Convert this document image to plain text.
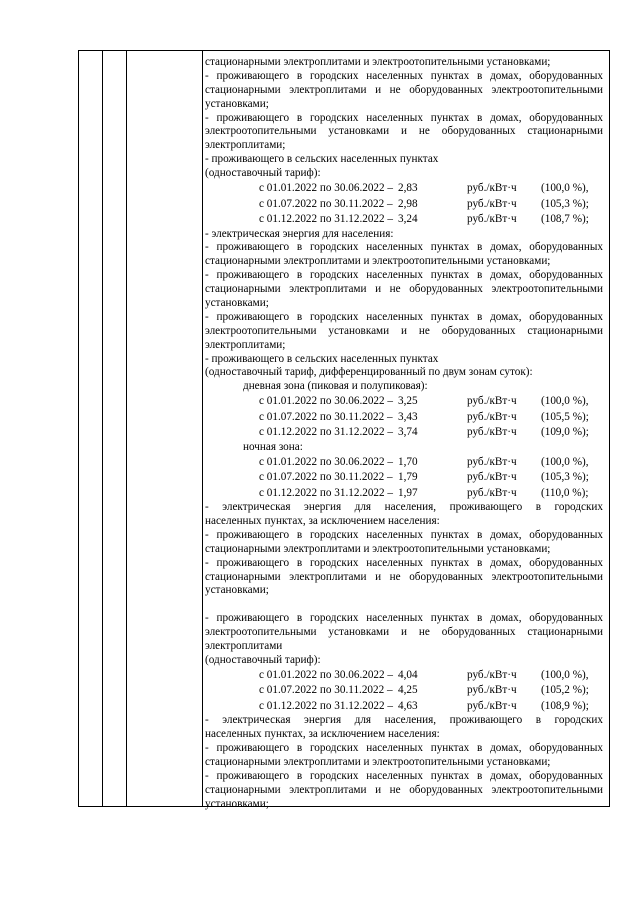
стационарными электроплитами и электроотопительными установками;
- проживающего в городских населенных пунктах в домах, оборудованных
стационарными электроплитами и не оборудованных электроотопительными
установками;
- проживающего в городских населенных пунктах в домах, оборудованных
электроотопительными установками и не оборудованных стационарными
электроплитами;
- проживающего в сельских населенных пунктах
(одноставочный тариф):
с 01.01.2022 по 30.06.2022 – 2,83	руб./кВт·ч (100,0 %),
с 01.07.2022 по 30.11.2022 – 2,98	руб./кВт·ч (105,3 %);
с 01.12.2022 по 31.12.2022 – 3,24	руб./кВт·ч (108,7 %);
- электрическая энергия для населения:
- проживающего в городских населенных пунктах в домах, оборудованных
стационарными электроплитами и электроотопительными установками;
- проживающего в городских населенных пунктах в домах, оборудованных
стационарными электроплитами и не оборудованных электроотопительными
установками;
- проживающего в городских населенных пунктах в домах, оборудованных
электроотопительными установками и не оборудованных стационарными
электроплитами;
- проживающего в сельских населенных пунктах
(одноставочный тариф, дифференцированный по двум зонам суток):
дневная зона (пиковая и полупиковая):
с 01.01.2022 по 30.06.2022 – 3,25	руб./кВт·ч (100,0 %),
с 01.07.2022 по 30.11.2022 – 3,43	руб./кВт·ч (105,5 %);
с 01.12.2022 по 31.12.2022 – 3,74	руб./кВт·ч (109,0 %);
ночная зона:
с 01.01.2022 по 30.06.2022 – 1,70	руб./кВт·ч (100,0 %),
с 01.07.2022 по 30.11.2022 – 1,79	руб./кВт·ч (105,3 %);
с 01.12.2022 по 31.12.2022 – 1,97	руб./кВт·ч (110,0 %);
- электрическая энергия для населения, проживающего в городских
населенных пунктах, за исключением населения:
- проживающего в городских населенных пунктах в домах, оборудованных
стационарными электроплитами и электроотопительными установками;
- проживающего в городских населенных пунктах в домах, оборудованных
стационарными электроплитами и не оборудованных электроотопительными
установками;
- проживающего в городских населенных пунктах в домах, оборудованных
электроотопительными установками и не оборудованных стационарными
электроплитами
(одноставочный тариф):
с 01.01.2022 по 30.06.2022 – 4,04	руб./кВт·ч (100,0 %),
с 01.07.2022 по 30.11.2022 – 4,25	руб./кВт·ч (105,2 %);
с 01.12.2022 по 31.12.2022 – 4,63	руб./кВт·ч (108,9 %);
- электрическая энергия для населения, проживающего в городских
населенных пунктах, за исключением населения:
- проживающего в городских населенных пунктах в домах, оборудованных
стационарными электроплитами и электроотопительными установками;
- проживающего в городских населенных пунктах в домах, оборудованных
стационарными электроплитами и не оборудованных электроотопительными
установками;
